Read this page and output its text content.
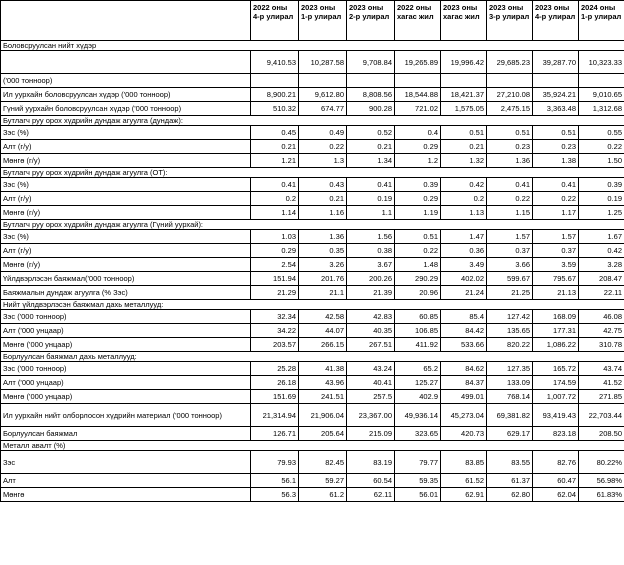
	2022 оны 4-р улирал	2023 оны 1-р улирал	2023 оны 2-р улирал	2022 оны хагас жил	2023 оны хагас жил	2023 оны 3-р улирал	2023 оны 4-р улирал	2024 оны 1-р улирал
Боловсруулсан нийт хүдэр								
	9,410.53	10,287.58	9,708.84	19,265.89	19,996.42	29,685.23	39,287.70	10,323.33
('000 тонноор)								
Ил уурхайн боловсруулсан хүдэр ('000 тонноор)	8,900.21	9,612.80	8,808.56	18,544.88	18,421.37	27,210.08	35,924.21	9,010.65
Гүний уурхайн боловсруулсан хүдэр ('000 тонноор)	510.32	674.77	900.28	721.02	1,575.05	2,475.15	3,363.48	1,312.68
Бутлагч руу орох хүдрийн дундаж агуулга (дундаж):								
Зэс (%)	0.45	0.49	0.52	0.4	0.51	0.51	0.51	0.55
Алт (г/у)	0.21	0.22	0.21	0.29	0.21	0.23	0.23	0.22
Мөнгө (г/у)	1.21	1.3	1.34	1.2	1.32	1.36	1.38	1.50
Бутлагч руу орох хүдрийн дундаж агуулга (ОТ):								
Зэс (%)	0.41	0.43	0.41	0.39	0.42	0.41	0.41	0.39
Алт (г/у)	0.2	0.21	0.19	0.29	0.2	0.22	0.22	0.19
Мөнгө (г/у)	1.14	1.16	1.1	1.19	1.13	1.15	1.17	1.25
Бутлагч руу орох хүдрийн дундаж агуулга (Гүний уурхай):								
Зэс (%)	1.03	1.36	1.56	0.51	1.47	1.57	1.57	1.67
Алт (г/у)	0.29	0.35	0.38	0.22	0.36	0.37	0.37	0.42
Мөнгө (г/у)	2.54	3.26	3.67	1.48	3.49	3.66	3.59	3.28
Үйлдвэрлэсэн баяжмал('000 тонноор)	151.94	201.76	200.26	290.29	402.02	599.67	795.67	208.47
Баяжмалын дундаж агуулга (% Зэс)	21.29	21.1	21.39	20.96	21.24	21.25	21.13	22.11
Нийт үйлдвэрлэсэн баяжмал дахь металлууд:								
Зэс ('000 тонноор)	32.34	42.58	42.83	60.85	85.4	127.42	168.09	46.08
Алт ('000 унцаар)	34.22	44.07	40.35	106.85	84.42	135.65	177.31	42.75
Мөнгө ('000 унцаар)	203.57	266.15	267.51	411.92	533.66	820.22	1,086.22	310.78
Борлуулсан баяжмал дахь металлууд:								
Зэс ('000 тонноор)	25.28	41.38	43.24	65.2	84.62	127.35	165.72	43.74
Алт ('000 унцаар)	26.18	43.96	40.41	125.27	84.37	133.09	174.59	41.52
Мөнгө ('000 унцаар)	151.69	241.51	257.5	402.9	499.01	768.14	1,007.72	271.85
Ил уурхайн нийт олборлосон хүдрийн материал ('000 тонноор)	21,314.94	21,906.04	23,367.00	49,936.14	45,273.04	69,381.82	93,419.43	22,703.44
Борлуулсан баяжмал	126.71	205.64	215.09	323.65	420.73	629.17	823.18	208.50
Металл авалт (%)								
Зэс	79.93	82.45	83.19	79.77	83.85	83.55	82.76	80.22%
Алт	56.1	59.27	60.54	59.35	61.52	61.37	60.47	56.98%
Мөнгө	56.3	61.2	62.11	56.01	62.91	62.80	62.04	61.83%
